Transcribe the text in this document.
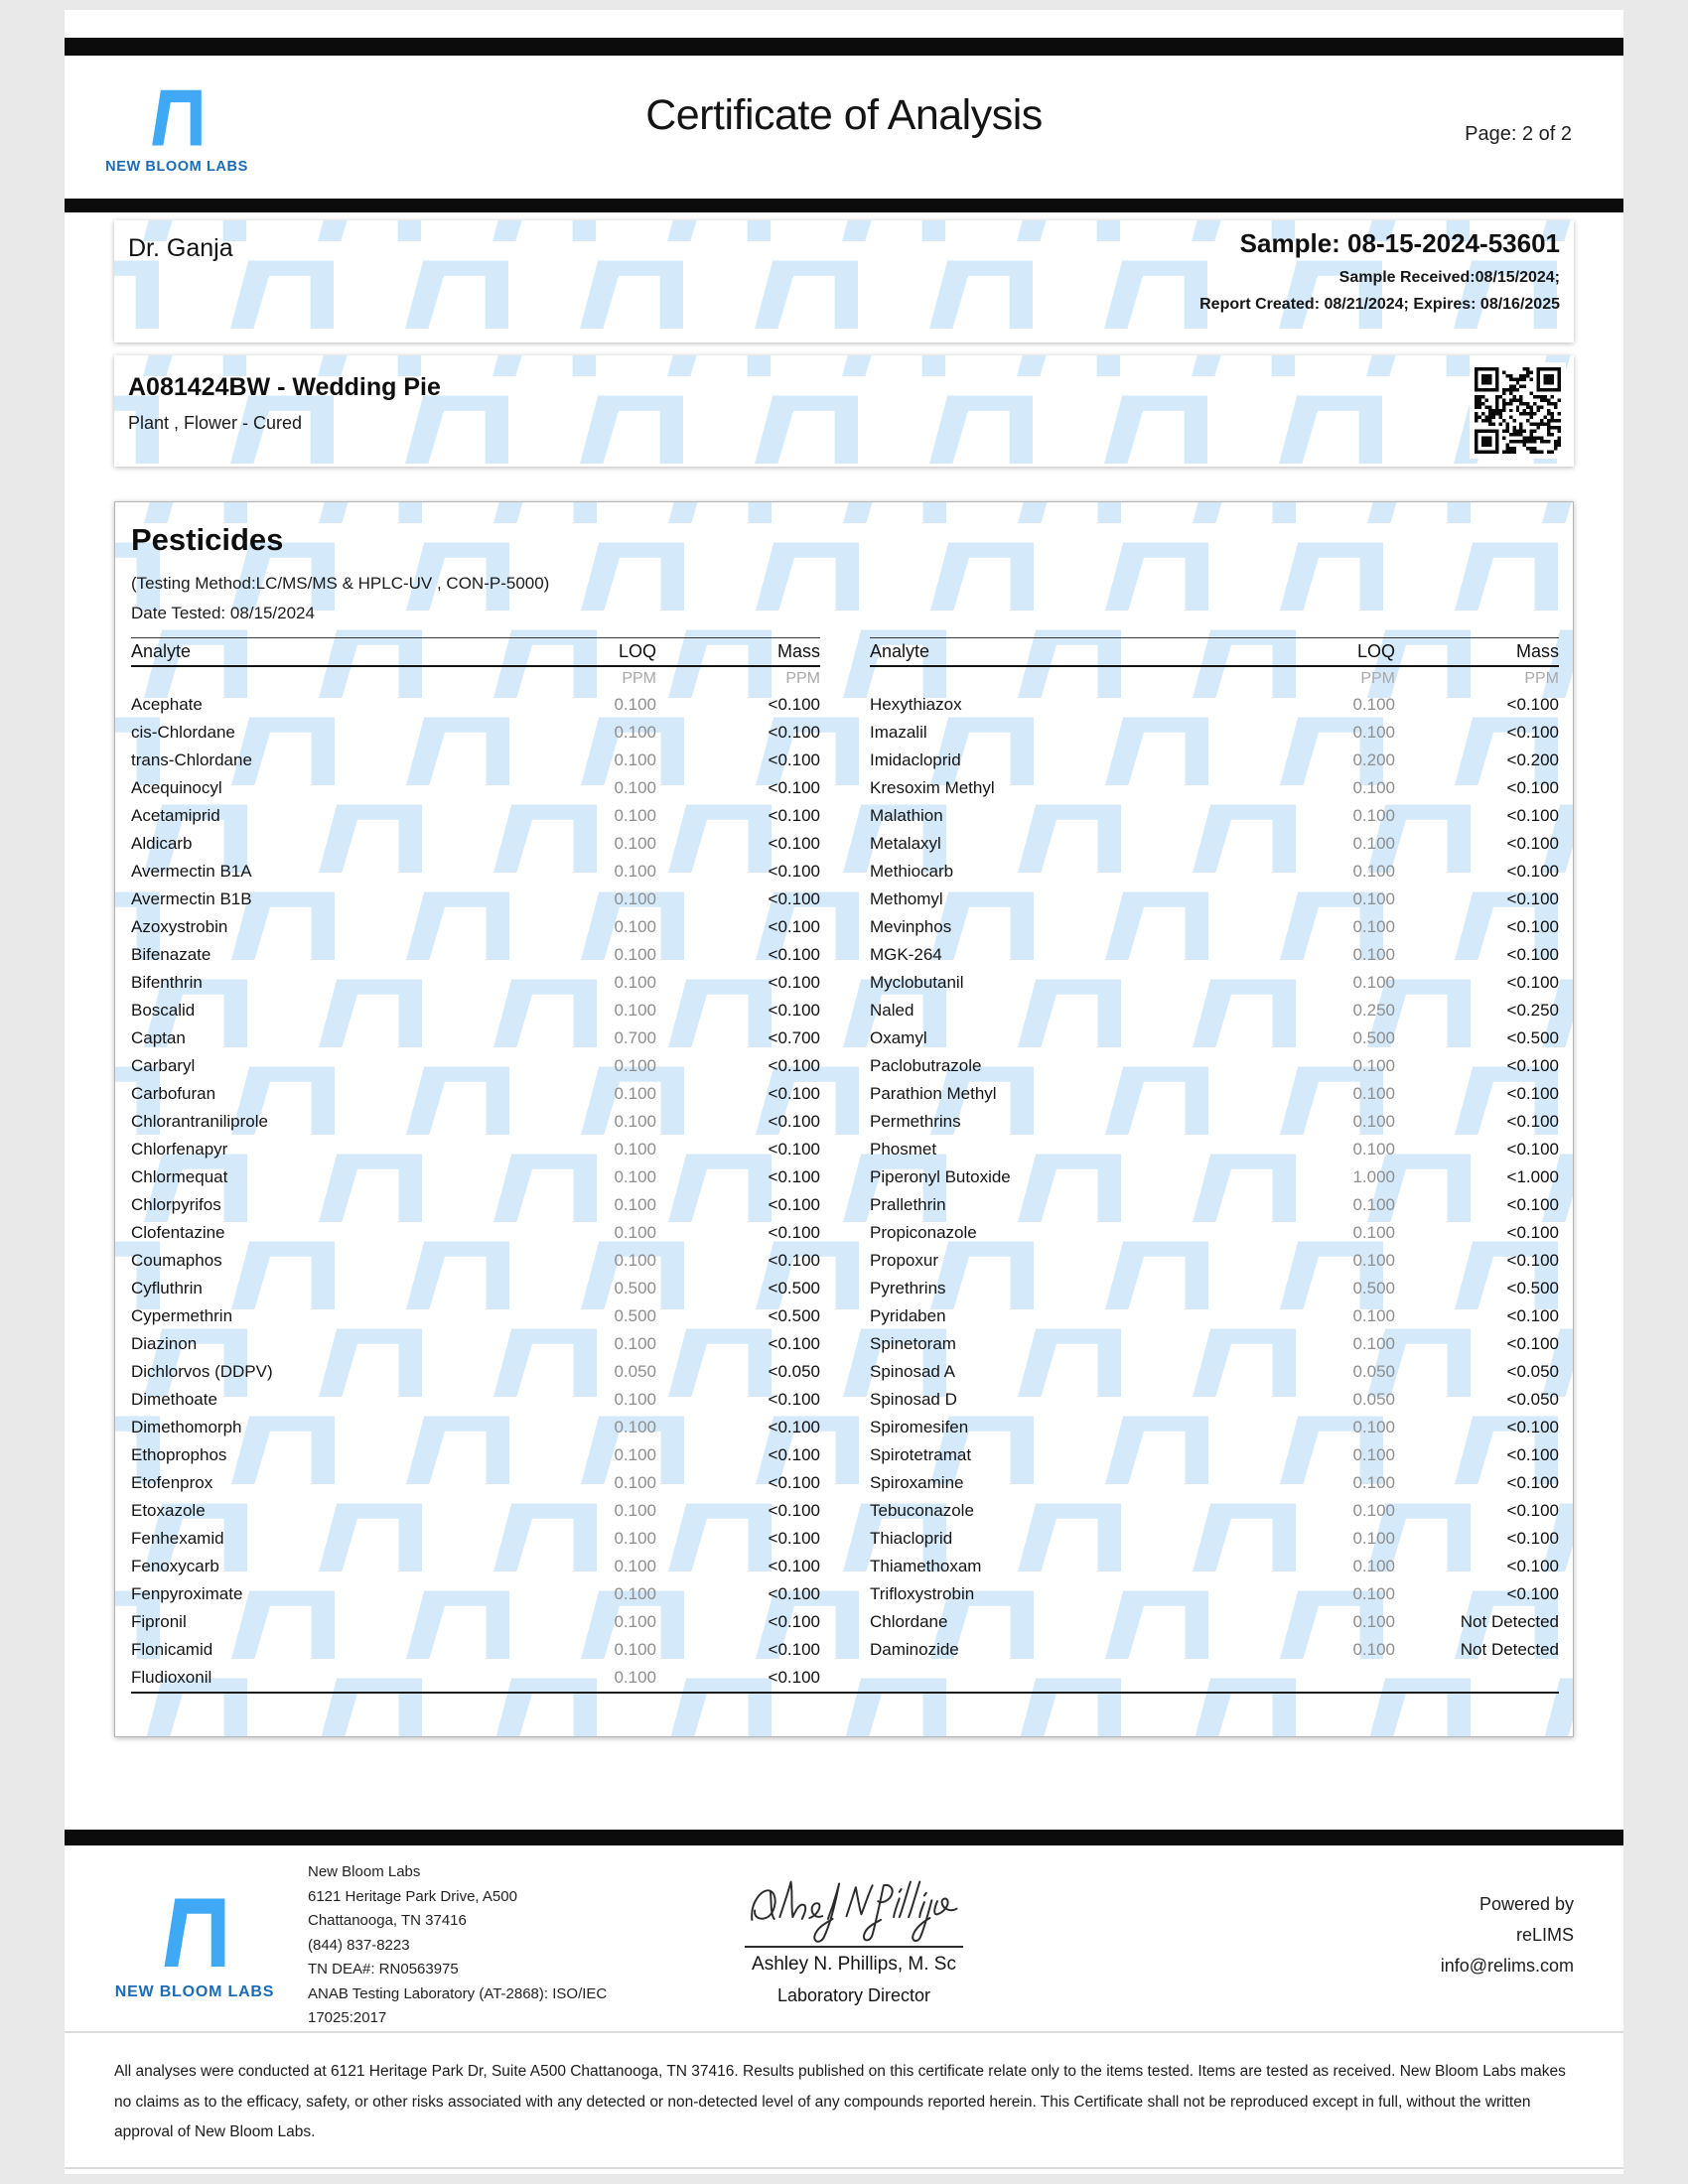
NEW BLOOM LABS
Certificate of Analysis	Page: 2 of 2
Dr. Ganja	Sample: 08-15-2024-53601
Sample Received:08/15/2024;
Report Created: 08/21/2024; Expires: 08/16/2025
A081424BW - Wedding Pie
Plant , Flower - Cured
Pesticides
(Testing Method:LC/MS/MS & HPLC-UV , CON-P-5000)
Date Tested: 08/15/2024
Analyte	LOQ	Mass
PPM	PPM
Acephate	0.100	<0.100
cis-Chlordane	0.100	<0.100
trans-Chlordane	0.100	<0.100
Acequinocyl	0.100	<0.100
Acetamiprid	0.100	<0.100
Aldicarb	0.100	<0.100
Avermectin B1A	0.100	<0.100
Avermectin B1B	0.100	<0.100
Azoxystrobin	0.100	<0.100
Bifenazate	0.100	<0.100
Bifenthrin	0.100	<0.100
Boscalid	0.100	<0.100
Captan	0.700	<0.700
Carbaryl	0.100	<0.100
Carbofuran	0.100	<0.100
Chlorantraniliprole	0.100	<0.100
Chlorfenapyr	0.100	<0.100
Chlormequat	0.100	<0.100
Chlorpyrifos	0.100	<0.100
Clofentazine	0.100	<0.100
Coumaphos	0.100	<0.100
Cyfluthrin	0.500	<0.500
Cypermethrin	0.500	<0.500
Diazinon	0.100	<0.100
Dichlorvos (DDPV)	0.050	<0.050
Dimethoate	0.100	<0.100
Dimethomorph	0.100	<0.100
Ethoprophos	0.100	<0.100
Etofenprox	0.100	<0.100
Etoxazole	0.100	<0.100
Fenhexamid	0.100	<0.100
Fenoxycarb	0.100	<0.100
Fenpyroximate	0.100	<0.100
Fipronil	0.100	<0.100
Flonicamid	0.100	<0.100
Fludioxonil	0.100	<0.100
Analyte	LOQ	Mass
PPM	PPM
Hexythiazox	0.100	<0.100
Imazalil	0.100	<0.100
Imidacloprid	0.200	<0.200
Kresoxim Methyl	0.100	<0.100
Malathion	0.100	<0.100
Metalaxyl	0.100	<0.100
Methiocarb	0.100	<0.100
Methomyl	0.100	<0.100
Mevinphos	0.100	<0.100
MGK-264	0.100	<0.100
Myclobutanil	0.100	<0.100
Naled	0.250	<0.250
Oxamyl	0.500	<0.500
Paclobutrazole	0.100	<0.100
Parathion Methyl	0.100	<0.100
Permethrins	0.100	<0.100
Phosmet	0.100	<0.100
Piperonyl Butoxide	1.000	<1.000
Prallethrin	0.100	<0.100
Propiconazole	0.100	<0.100
Propoxur	0.100	<0.100
Pyrethrins	0.500	<0.500
Pyridaben	0.100	<0.100
Spinetoram	0.100	<0.100
Spinosad A	0.050	<0.050
Spinosad D	0.050	<0.050
Spiromesifen	0.100	<0.100
Spirotetramat	0.100	<0.100
Spiroxamine	0.100	<0.100
Tebuconazole	0.100	<0.100
Thiacloprid	0.100	<0.100
Thiamethoxam	0.100	<0.100
Trifloxystrobin	0.100	<0.100
Chlordane	0.100	Not Detected
Daminozide	0.100	Not Detected
NEW BLOOM LABS
New Bloom Labs
6121 Heritage Park Drive, A500
Chattanooga, TN 37416
(844) 837-8223
TN DEA#: RN0563975
ANAB Testing Laboratory (AT-2868): ISO/IEC
17025:2017
Ashley N. Phillips, M. Sc
Laboratory Director
Powered by
reLIMS
info@relims.com
All analyses were conducted at 6121 Heritage Park Dr, Suite A500 Chattanooga, TN 37416. Results published on this certificate relate only to the items tested. Items are tested as received. New Bloom Labs makes no claims as to the efficacy, safety, or other risks associated with any detected or non-detected level of any compounds reported herein. This Certificate shall not be reproduced except in full, without the written approval of New Bloom Labs.
